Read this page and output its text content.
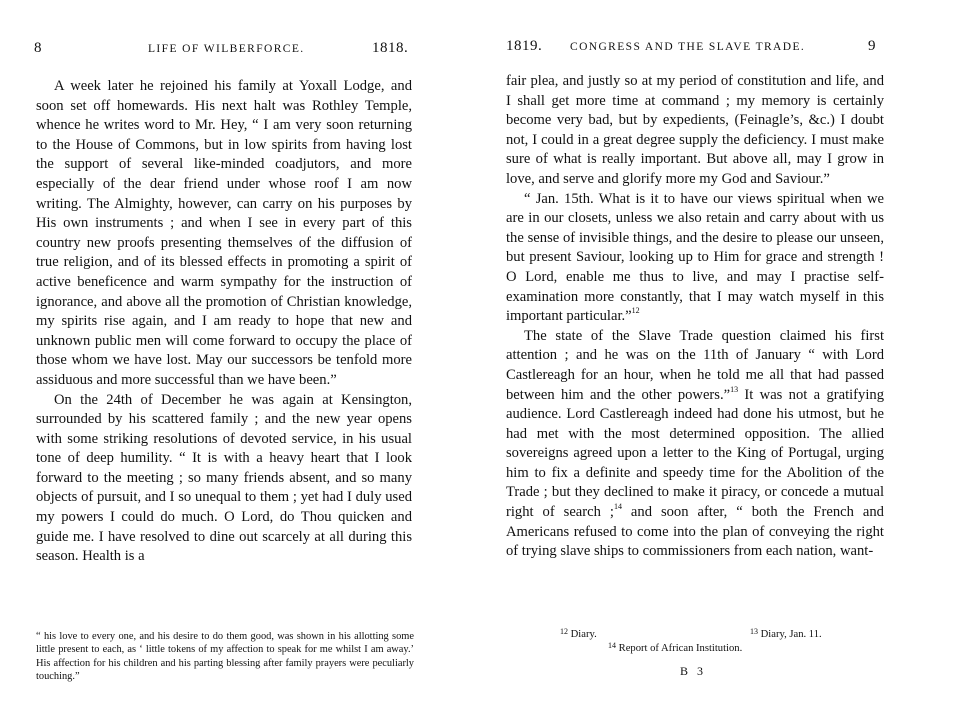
8	LIFE OF WILBERFORCE.	1818.

A week later he rejoined his family at Yoxall Lodge, and soon set off homewards. His next halt was Rothley Temple, whence he writes word to Mr. Hey, “ I am very soon returning to the House of Commons, but in low spirits from having lost the support of several like-minded coadjutors, and more especially of the dear friend under whose roof I am now writing. The Almighty, however, can carry on his purposes by His own instruments ; and when I see in every part of this country new proofs presenting themselves of the diffusion of true religion, and of its blessed effects in promoting a spirit of active beneficence and warm sympathy for the instruction of ignorance, and above all the promotion of Christian knowledge, my spirits rise again, and I am ready to hope that new and unknown public men will come forward to occupy the place of those whom we have lost. May our successors be tenfold more assiduous and more successful than we have been.”

On the 24th of December he was again at Kensington, surrounded by his scattered family ; and the new year opens with some striking resolutions of devoted service, in his usual tone of deep humility. “ It is with a heavy heart that I look forward to the meeting ; so many friends absent, and so many objects of pursuit, and I so unequal to them ; yet had I duly used my powers I could do much. O Lord, do Thou quicken and guide me. I have resolved to dine out scarcely at all during this season. Health is a

“ his love to every one, and his desire to do them good, was shown in his allotting some little present to each, as ‘ little tokens of my affection to speak for me whilst I am away.’ His affection for his children and his parting blessing after family prayers were peculiarly touching.”

1819. CONGRESS AND THE SLAVE TRADE.	9

fair plea, and justly so at my period of constitution and life, and I shall get more time at command ; my memory is certainly become very bad, but by expedients, (Feinagle’s, &c.) I doubt not, I could in a great degree supply the deficiency. I must make sure of what is really important. But above all, may I grow in love, and serve and glorify more my God and Saviour.”

“ Jan. 15th. What is it to have our views spiritual when we are in our closets, unless we also retain and carry about with us the sense of invisible things, and the desire to please our unseen, but present Saviour, looking up to Him for grace and strength ! O Lord, enable me thus to live, and may I practise self-examination more constantly, that I may watch myself in this important particular.”$^{12}$

The state of the Slave Trade question claimed his first attention ; and he was on the 11th of January “ with Lord Castlereagh for an hour, when he told me all that had passed between him and the other powers.”$^{13}$ It was not a gratifying audience. Lord Castlereagh indeed had done his utmost, but he had met with the most determined opposition. The allied sovereigns agreed upon a letter to the King of Portugal, urging him to fix a definite and speedy time for the Abolition of the Trade ; but they declined to make it piracy, or concede a mutual right of search ;$^{14}$ and soon after, “ both the French and Americans refused to come into the plan of conveying the right of trying slave ships to commissioners from each nation, want-

$^{12}$ Diary.	$^{13}$ Diary, Jan. 11.
$^{14}$ Report of African Institution.
B 3
